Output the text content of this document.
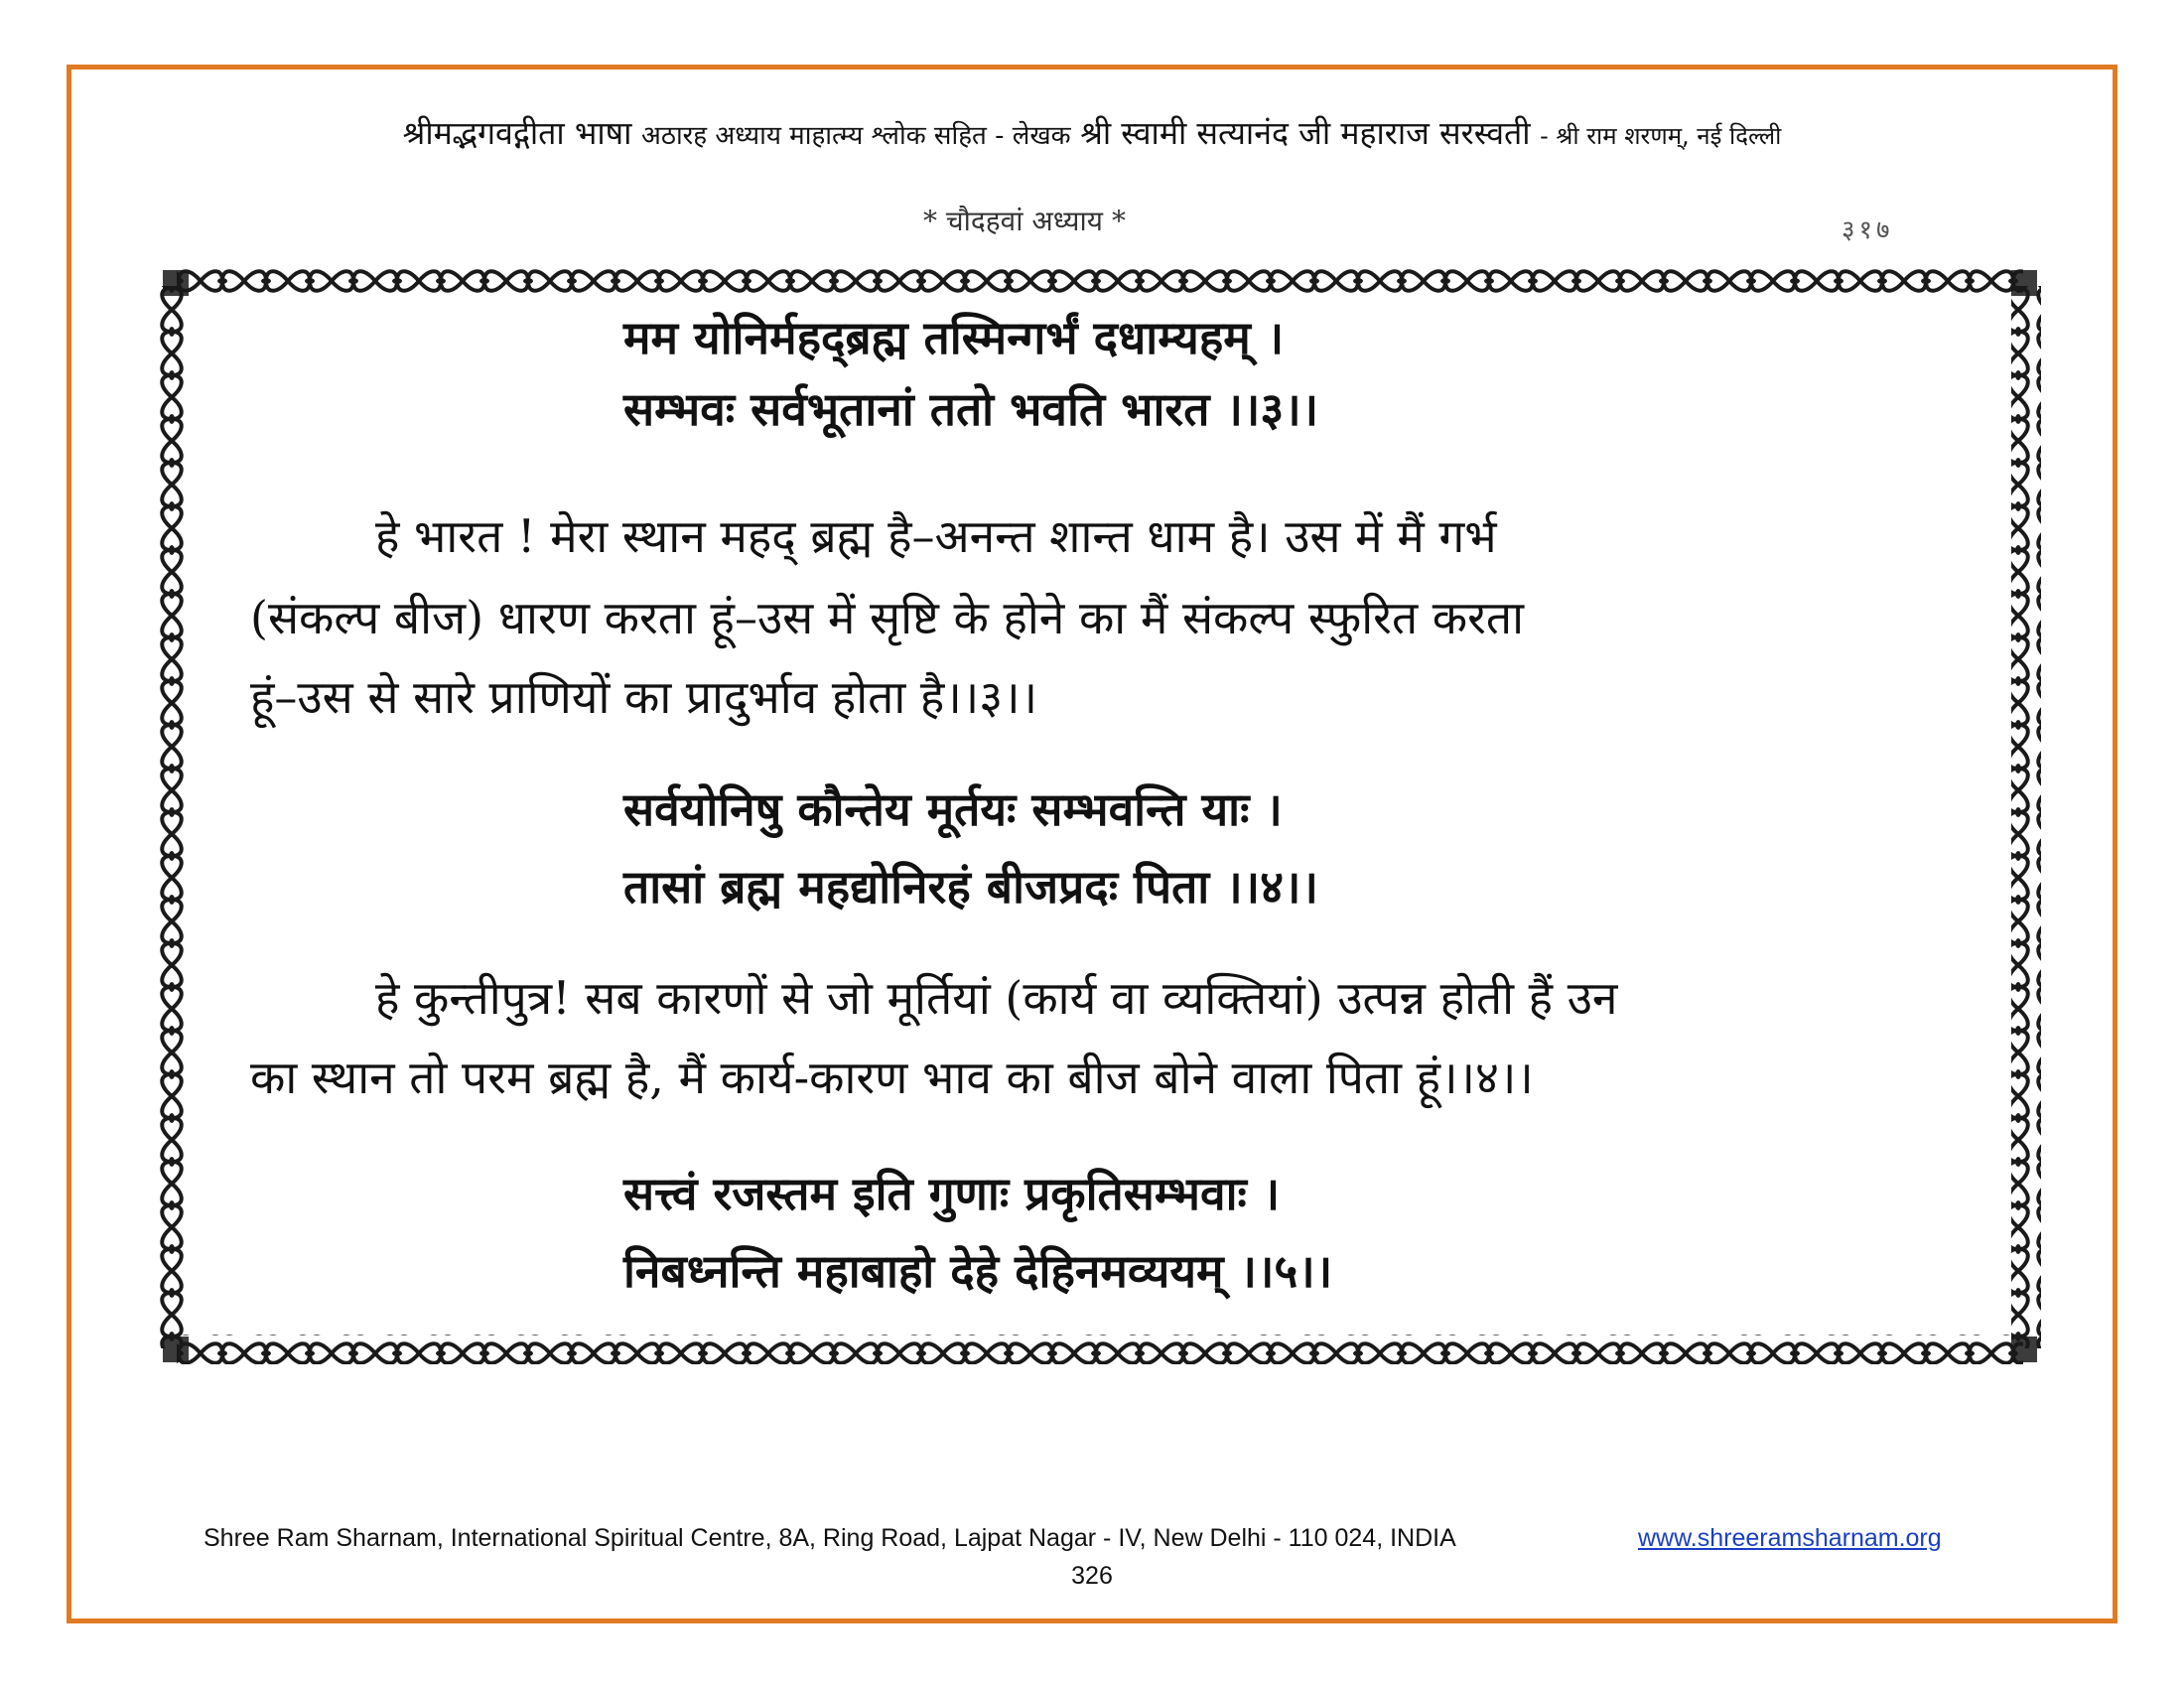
श्रीमद्भगवद्गीता भाषा अठारह अध्याय माहात्म्य श्लोक सहित - लेखक श्री स्वामी सत्यानंद जी महाराज सरस्वती - श्री राम शरणम्, नई दिल्ली
* चौदहवां अध्याय *	३१७
मम योनिर्महद्ब्रह्म तस्मिन्गर्भं दधाम्यहम् ।
सम्भवः सर्वभूतानां ततो भवति भारत ।।३।।
हे भारत ! मेरा स्थान महद् ब्रह्म है–अनन्त शान्त धाम है। उस में मैं गर्भ
(संकल्प बीज) धारण करता हूं–उस में सृष्टि के होने का मैं संकल्प स्फुरित करता
हूं–उस से सारे प्राणियों का प्रादुर्भाव होता है।।३।।
सर्वयोनिषु कौन्तेय मूर्तयः सम्भवन्ति याः ।
तासां ब्रह्म महद्योनिरहं बीजप्रदः पिता ।।४।।
हे कुन्तीपुत्र! सब कारणों से जो मूर्तियां (कार्य वा व्यक्तियां) उत्पन्न होती हैं उन
का स्थान तो परम ब्रह्म है, मैं कार्य-कारण भाव का बीज बोने वाला पिता हूं।।४।।
सत्त्वं रजस्तम इति गुणाः प्रकृतिसम्भवाः ।
निबध्नन्ति महाबाहो देहे देहिनमव्ययम् ।।५।।
Shree Ram Sharnam, International Spiritual Centre, 8A, Ring Road, Lajpat Nagar - IV, New Delhi - 110 024, INDIA	www.shreeramsharnam.org
326
